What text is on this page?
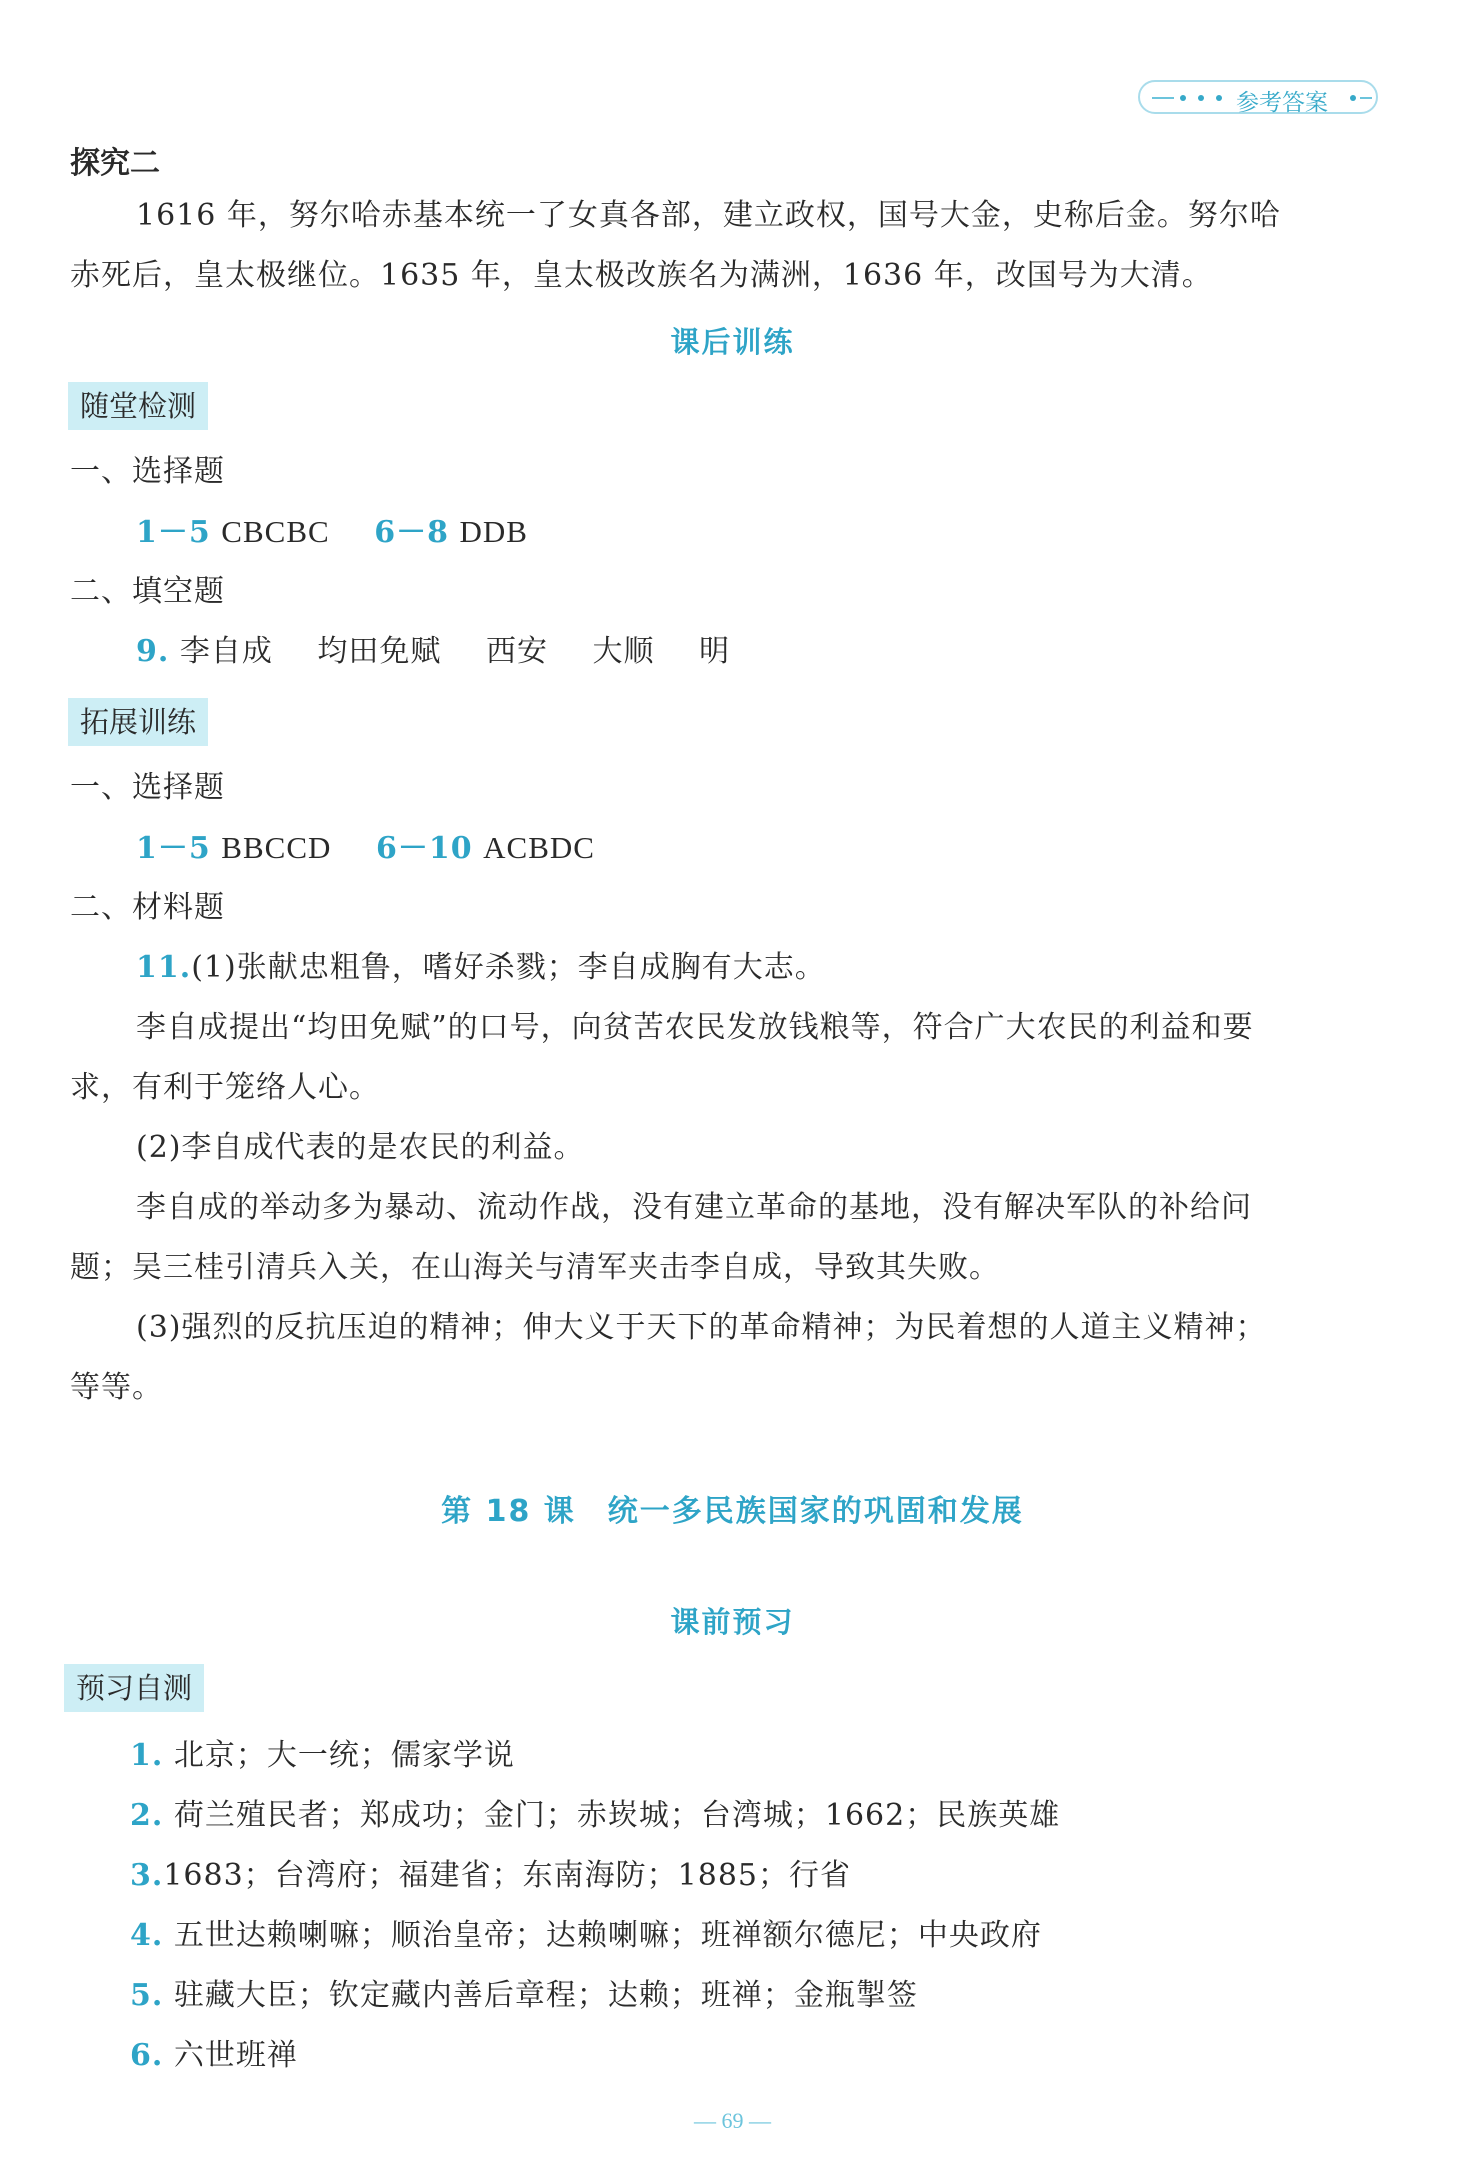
参考答案
探究二
1616 年，努尔哈赤基本统一了女真各部，建立政权，国号大金，史称后金。努尔哈
赤死后，皇太极继位。1635 年，皇太极改族名为满洲，1636 年，改国号为大清。
课后训练
随堂检测
一、选择题
1－5 CBCBC 6－8 DDB
二、填空题
9. 李自成 均田免赋 西安 大顺 明
拓展训练
一、选择题
1－5 BBCCD 6－10 ACBDC
二、材料题
11.(1)张献忠粗鲁，嗜好杀戮；李自成胸有大志。
李自成提出“均田免赋”的口号，向贫苦农民发放钱粮等，符合广大农民的利益和要
求，有利于笼络人心。
(2)李自成代表的是农民的利益。
李自成的举动多为暴动、流动作战，没有建立革命的基地，没有解决军队的补给问
题；吴三桂引清兵入关，在山海关与清军夹击李自成，导致其失败。
(3)强烈的反抗压迫的精神；伸大义于天下的革命精神；为民着想的人道主义精神；
等等。
第 18 课　统一多民族国家的巩固和发展
课前预习
预习自测
1. 北京；大一统；儒家学说
2. 荷兰殖民者；郑成功；金门；赤崁城；台湾城；1662；民族英雄
3.1683；台湾府；福建省；东南海防；1885；行省
4. 五世达赖喇嘛；顺治皇帝；达赖喇嘛；班禅额尔德尼；中央政府
5. 驻藏大臣；钦定藏内善后章程；达赖；班禅；金瓶掣签
6. 六世班禅
— 69 —
